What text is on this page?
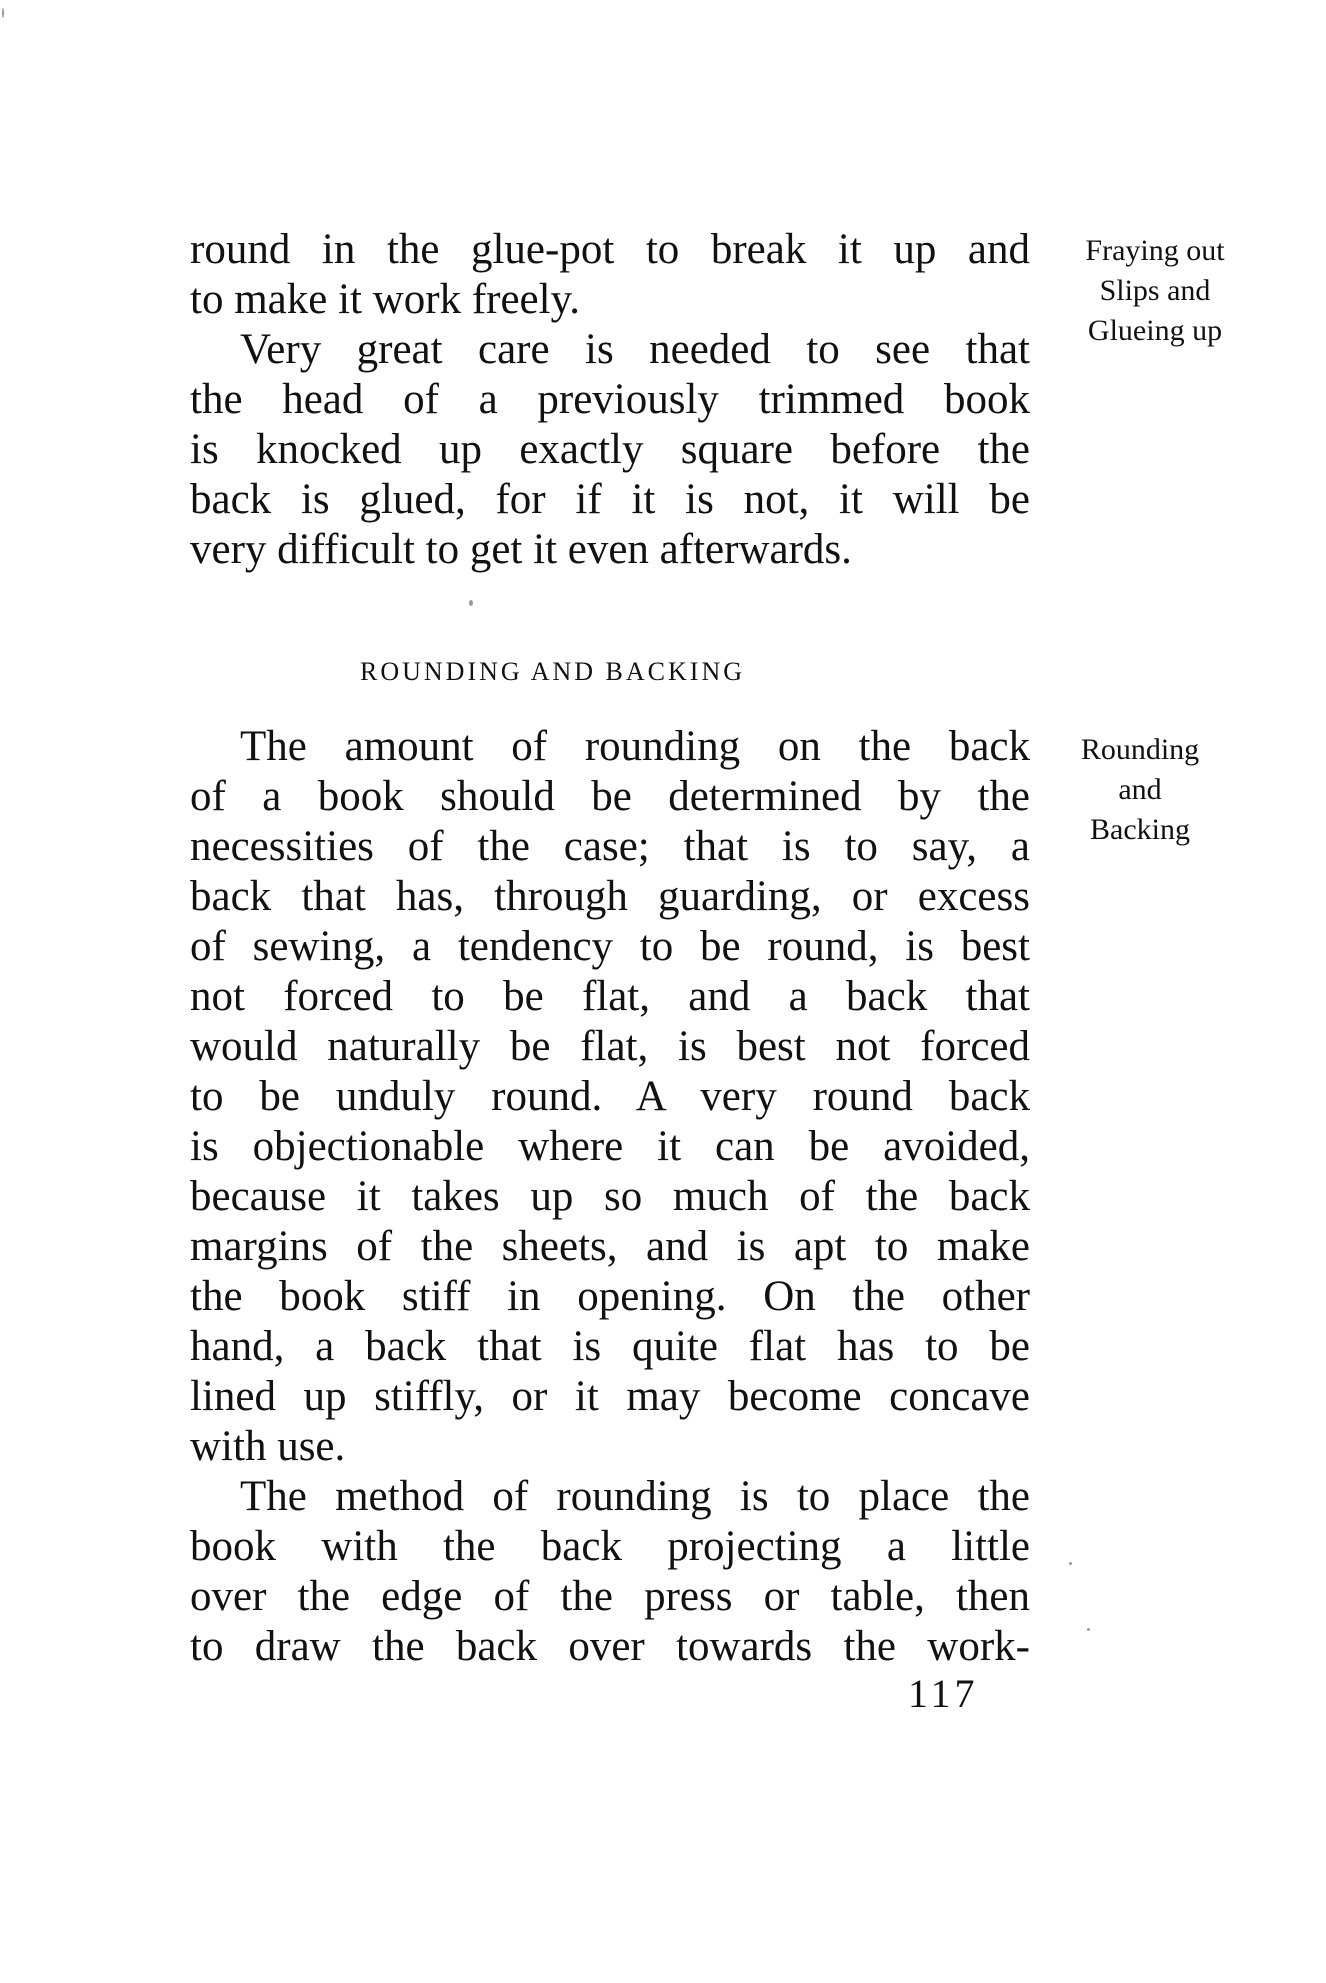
round in the glue-pot to break it up and
to make it work freely.
Very great care is needed to see that
the head of a previously trimmed book
is knocked up exactly square before the
back is glued, for if it is not, it will be
very difficult to get it even afterwards.
Fraying out
Slips and
Glueing up
ROUNDING AND BACKING
The amount of rounding on the back
of a book should be determined by the
necessities of the case; that is to say, a
back that has, through guarding, or excess
of sewing, a tendency to be round, is best
not forced to be flat, and a back that
would naturally be flat, is best not forced
to be unduly round. A very round back
is objectionable where it can be avoided,
because it takes up so much of the back
margins of the sheets, and is apt to make
the book stiff in opening. On the other
hand, a back that is quite flat has to be
lined up stiffly, or it may become concave
with use.
Rounding
and
Backing
The method of rounding is to place the
book with the back projecting a little
over the edge of the press or table, then
to draw the back over towards the work-
117
